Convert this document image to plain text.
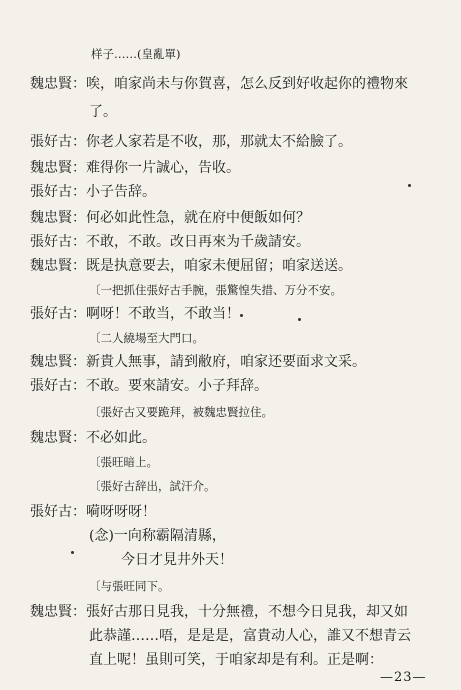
样子……(皇亂單)
魏忠賢：唉，咱家尚未与你賀喜，怎么反到好收起你的禮物來
了。
張好古：你老人家若是不收，那，那就太不給臉了。
魏忠賢：难得你一片誠心，告收。
張好古：小子告辞。
魏忠賢：何必如此性急，就在府中便飯如何？
張好古：不敢，不敢。改日再來为千歲請安。
魏忠賢：既是执意要去，咱家未便屈留；咱家送送。
〔一把抓住張好古手腕，張驚惶失措、万分不安。
張好古：啊呀！不敢当，不敢当！
〔二人繞場至大門口。
魏忠賢：新貴人無事，請到敝府，咱家还要面求文采。
張好古：不敢。要來請安。小子拜辞。
〔張好古又要跪拜，被魏忠賢拉住。
魏忠賢：不必如此。
〔張旺暗上。
〔張好古辞出，試汗介。
張好古：嗬呀呀呀！
(念)一向称霸隔清縣，
今日才見井外天！
〔与張旺同下。
魏忠賢：張好古那日見我，十分無禮，不想今日見我，却又如
此恭謹……唔，是是是，富貴动人心，誰又不想青云
直上呢！虽則可笑，于咱家却是有利。正是啊：
—23—
